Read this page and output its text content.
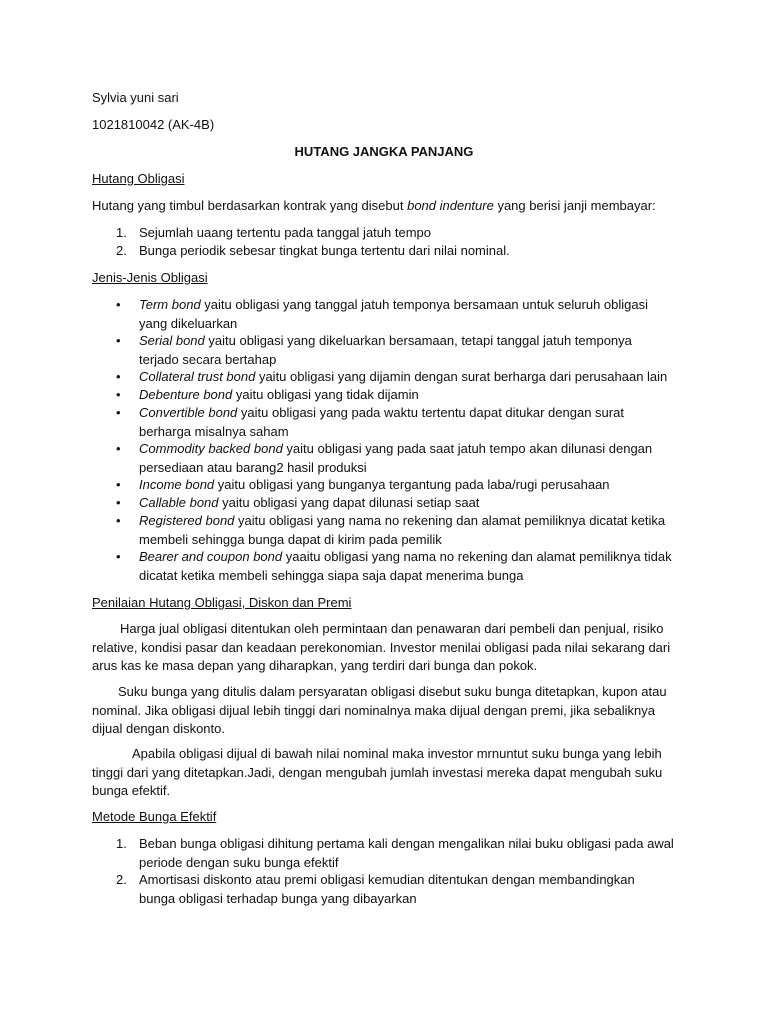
Sylvia yuni sari
1021810042 (AK-4B)
HUTANG JANGKA PANJANG
Hutang Obligasi
Hutang yang timbul berdasarkan kontrak yang disebut bond indenture yang berisi janji membayar:
1. Sejumlah uaang tertentu pada tanggal jatuh tempo
2. Bunga periodik sebesar tingkat bunga tertentu dari nilai nominal.
Jenis-Jenis Obligasi
• Term bond yaitu obligasi yang tanggal jatuh temponya bersamaan untuk seluruh obligasi yang dikeluarkan
• Serial bond yaitu obligasi yang dikeluarkan bersamaan, tetapi tanggal jatuh temponya terjado secara bertahap
• Collateral trust bond yaitu obligasi yang dijamin dengan surat berharga dari perusahaan lain
• Debenture bond yaitu obligasi yang tidak dijamin
• Convertible bond yaitu obligasi yang pada waktu tertentu dapat ditukar dengan surat berharga misalnya saham
• Commodity backed bond yaitu obligasi yang pada saat jatuh tempo akan dilunasi dengan persediaan atau barang2 hasil produksi
• Income bond yaitu obligasi yang bunganya tergantung pada laba/rugi perusahaan
• Callable bond yaitu obligasi yang dapat dilunasi setiap saat
• Registered bond yaitu obligasi yang nama no rekening dan alamat pemiliknya dicatat ketika membeli sehingga bunga dapat di kirim pada pemilik
• Bearer and coupon bond yaaitu obligasi yang nama no rekening dan alamat pemiliknya tidak dicatat ketika membeli sehingga siapa saja dapat menerima bunga
Penilaian Hutang Obligasi, Diskon dan Premi
Harga jual obligasi ditentukan oleh permintaan dan penawaran dari pembeli dan penjual, risiko relative, kondisi pasar dan keadaan perekonomian. Investor menilai obligasi pada nilai sekarang dari arus kas ke masa depan yang diharapkan, yang terdiri dari bunga dan pokok.
Suku bunga yang ditulis dalam persyaratan obligasi disebut suku bunga ditetapkan, kupon atau nominal. Jika obligasi dijual lebih tinggi dari nominalnya maka dijual dengan premi, jika sebaliknya dijual dengan diskonto.
Apabila obligasi dijual di bawah nilai nominal maka investor mrnuntut suku bunga yang lebih tinggi dari yang ditetapkan.Jadi, dengan mengubah jumlah investasi mereka dapat mengubah suku bunga efektif.
Metode Bunga Efektif
1. Beban bunga obligasi dihitung pertama kali dengan mengalikan nilai buku obligasi pada awal periode dengan suku bunga efektif
2. Amortisasi diskonto atau premi obligasi kemudian ditentukan dengan membandingkan bunga obligasi terhadap bunga yang dibayarkan
